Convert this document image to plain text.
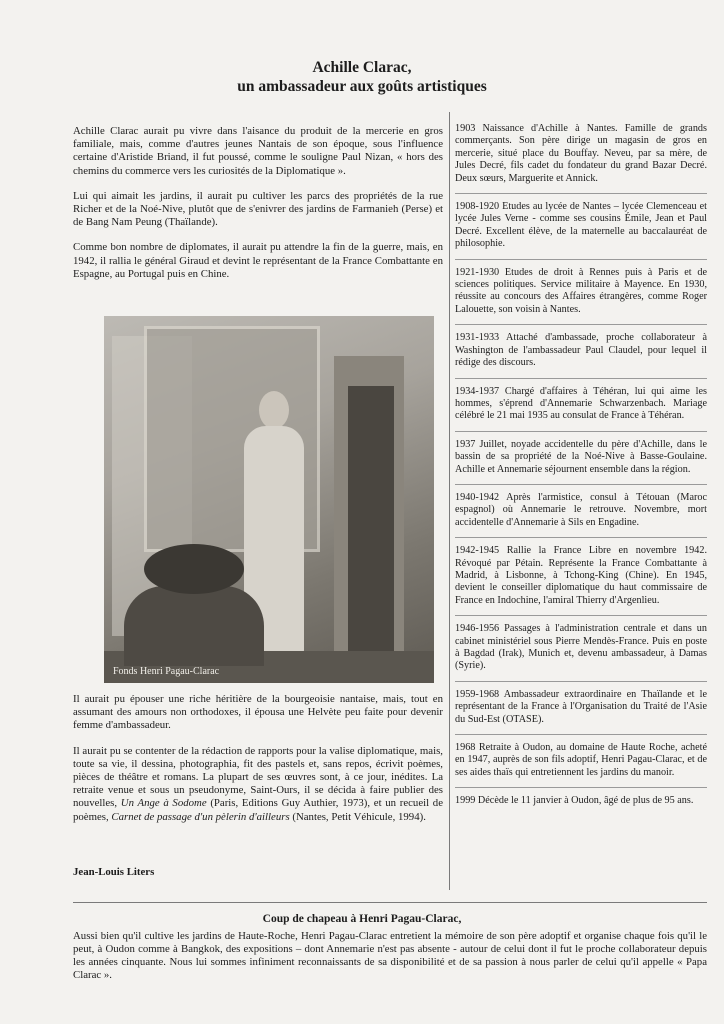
Achille Clarac,
un ambassadeur aux goûts artistiques

Achille Clarac aurait pu vivre dans l'aisance du produit de la mercerie en gros familiale, mais, comme d'autres jeunes Nantais de son époque, sous l'influence certaine d'Aristide Briand, il fut poussé, comme le souligne Paul Nizan, « hors des chemins du commerce vers les curiosités de la Diplomatique ».

Lui qui aimait les jardins, il aurait pu cultiver les parcs des propriétés de la rue Richer et de la Noé-Nive, plutôt que de s'enivrer des jardins de Farmanieh (Perse) et de Bang Nam Peung (Thaïlande).

Comme bon nombre de diplomates, il aurait pu attendre la fin de la guerre, mais, en 1942, il rallia le général Giraud et devint le représentant de la France Combattante en Espagne, au Portugal puis en Chine.

Fonds Henri Pagau-Clarac

Il aurait pu épouser une riche héritière de la bourgeoisie nantaise, mais, tout en assumant des amours non orthodoxes, il épousa une Helvète peu faite pour devenir femme d'ambassadeur.

Il aurait pu se contenter de la rédaction de rapports pour la valise diplomatique, mais, toute sa vie, il dessina, photographia, fit des pastels et, sans repos, écrivit poèmes, pièces de théâtre et romans. La plupart de ses œuvres sont, à ce jour, inédites. La retraite venue et sous un pseudonyme, Saint-Ours, il se décida à faire publier des nouvelles, Un Ange à Sodome (Paris, Editions Guy Authier, 1973), et un recueil de poèmes, Carnet de passage d'un pèlerin d'ailleurs (Nantes, Petit Véhicule, 1994).

Jean-Louis Liters
1903 Naissance d'Achille à Nantes. Famille de grands commerçants. Son père dirige un magasin de gros en mercerie, situé place du Bouffay. Neveu, par sa mère, de Jules Decré, fils cadet du fondateur du grand Bazar Decré. Deux sœurs, Marguerite et Annick.
1908-1920 Etudes au lycée de Nantes – lycée Clemenceau et lycée Jules Verne - comme ses cousins Émile, Jean et Paul Decré. Excellent élève, de la maternelle au baccalauréat de philosophie.
1921-1930 Etudes de droit à Rennes puis à Paris et de sciences politiques. Service militaire à Mayence. En 1930, réussite au concours des Affaires étrangères, comme Roger Lalouette, son voisin à Nantes.
1931-1933 Attaché d'ambassade, proche collaborateur à Washington de l'ambassadeur Paul Claudel, pour lequel il rédige des discours.
1934-1937 Chargé d'affaires à Téhéran, lui qui aime les hommes, s'éprend d'Annemarie Schwarzenbach. Mariage célébré le 21 mai 1935 au consulat de France à Téhéran.
1937 Juillet, noyade accidentelle du père d'Achille, dans le bassin de sa propriété de la Noé-Nive à Basse-Goulaine. Achille et Annemarie séjournent ensemble dans la région.
1940-1942 Après l'armistice, consul à Tétouan (Maroc espagnol) où Annemarie le retrouve. Novembre, mort accidentelle d'Annemarie à Sils en Engadine.
1942-1945 Rallie la France Libre en novembre 1942. Révoqué par Pétain. Représente la France Combattante à Madrid, à Lisbonne, à Tchong-King (Chine). En 1945, devient le conseiller diplomatique du haut commissaire de France en Indochine, l'amiral Thierry d'Argenlieu.
1946-1956 Passages à l'administration centrale et dans un cabinet ministériel sous Pierre Mendès-France. Puis en poste à Bagdad (Irak), Munich et, devenu ambassadeur, à Damas (Syrie).
1959-1968 Ambassadeur extraordinaire en Thaïlande et le représentant de la France à l'Organisation du Traité de l'Asie du Sud-Est (OTASE).
1968 Retraite à Oudon, au domaine de Haute Roche, acheté en 1947, auprès de son fils adoptif, Henri Pagau-Clarac, et de ses aides thaïs qui entretiennent les jardins du manoir.
1999 Décède le 11 janvier à Oudon, âgé de plus de 95 ans.
Coup de chapeau à Henri Pagau-Clarac,
Aussi bien qu'il cultive les jardins de Haute-Roche, Henri Pagau-Clarac entretient la mémoire de son père adoptif et organise chaque fois qu'il le peut, à Oudon comme à Bangkok, des expositions – dont Annemarie n'est pas absente - autour de celui dont il fut le proche collaborateur depuis les années cinquante. Nous lui sommes infiniment reconnaissants de sa disponibilité et de sa passion à nous parler de celui qu'il appelle « Papa Clarac ».
